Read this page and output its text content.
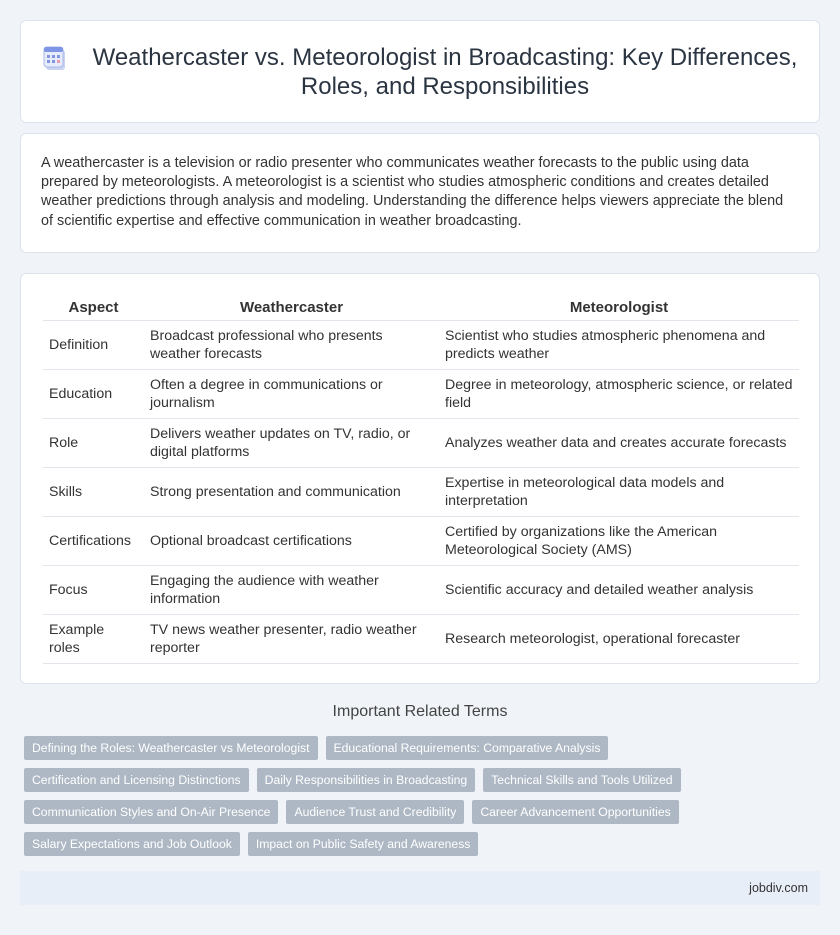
Weathercaster vs. Meteorologist in Broadcasting: Key Differences, Roles, and Responsibilities

A weathercaster is a television or radio presenter who communicates weather forecasts to the public using data prepared by meteorologists. A meteorologist is a scientist who studies atmospheric conditions and creates detailed weather predictions through analysis and modeling. Understanding the difference helps viewers appreciate the blend of scientific expertise and effective communication in weather broadcasting.

Aspect	Weathercaster	Meteorologist
Definition	Broadcast professional who presents weather forecasts	Scientist who studies atmospheric phenomena and predicts weather
Education	Often a degree in communications or journalism	Degree in meteorology, atmospheric science, or related field
Role	Delivers weather updates on TV, radio, or digital platforms	Analyzes weather data and creates accurate forecasts
Skills	Strong presentation and communication	Expertise in meteorological data models and interpretation
Certifications	Optional broadcast certifications	Certified by organizations like the American Meteorological Society (AMS)
Focus	Engaging the audience with weather information	Scientific accuracy and detailed weather analysis
Example roles	TV news weather presenter, radio weather reporter	Research meteorologist, operational forecaster
Important Related Terms
Defining the Roles: Weathercaster vs Meteorologist	Educational Requirements: Comparative Analysis
Certification and Licensing Distinctions	Daily Responsibilities in Broadcasting	Technical Skills and Tools Utilized
Communication Styles and On-Air Presence	Audience Trust and Credibility	Career Advancement Opportunities
Salary Expectations and Job Outlook	Impact on Public Safety and Awareness
jobdiv.com
